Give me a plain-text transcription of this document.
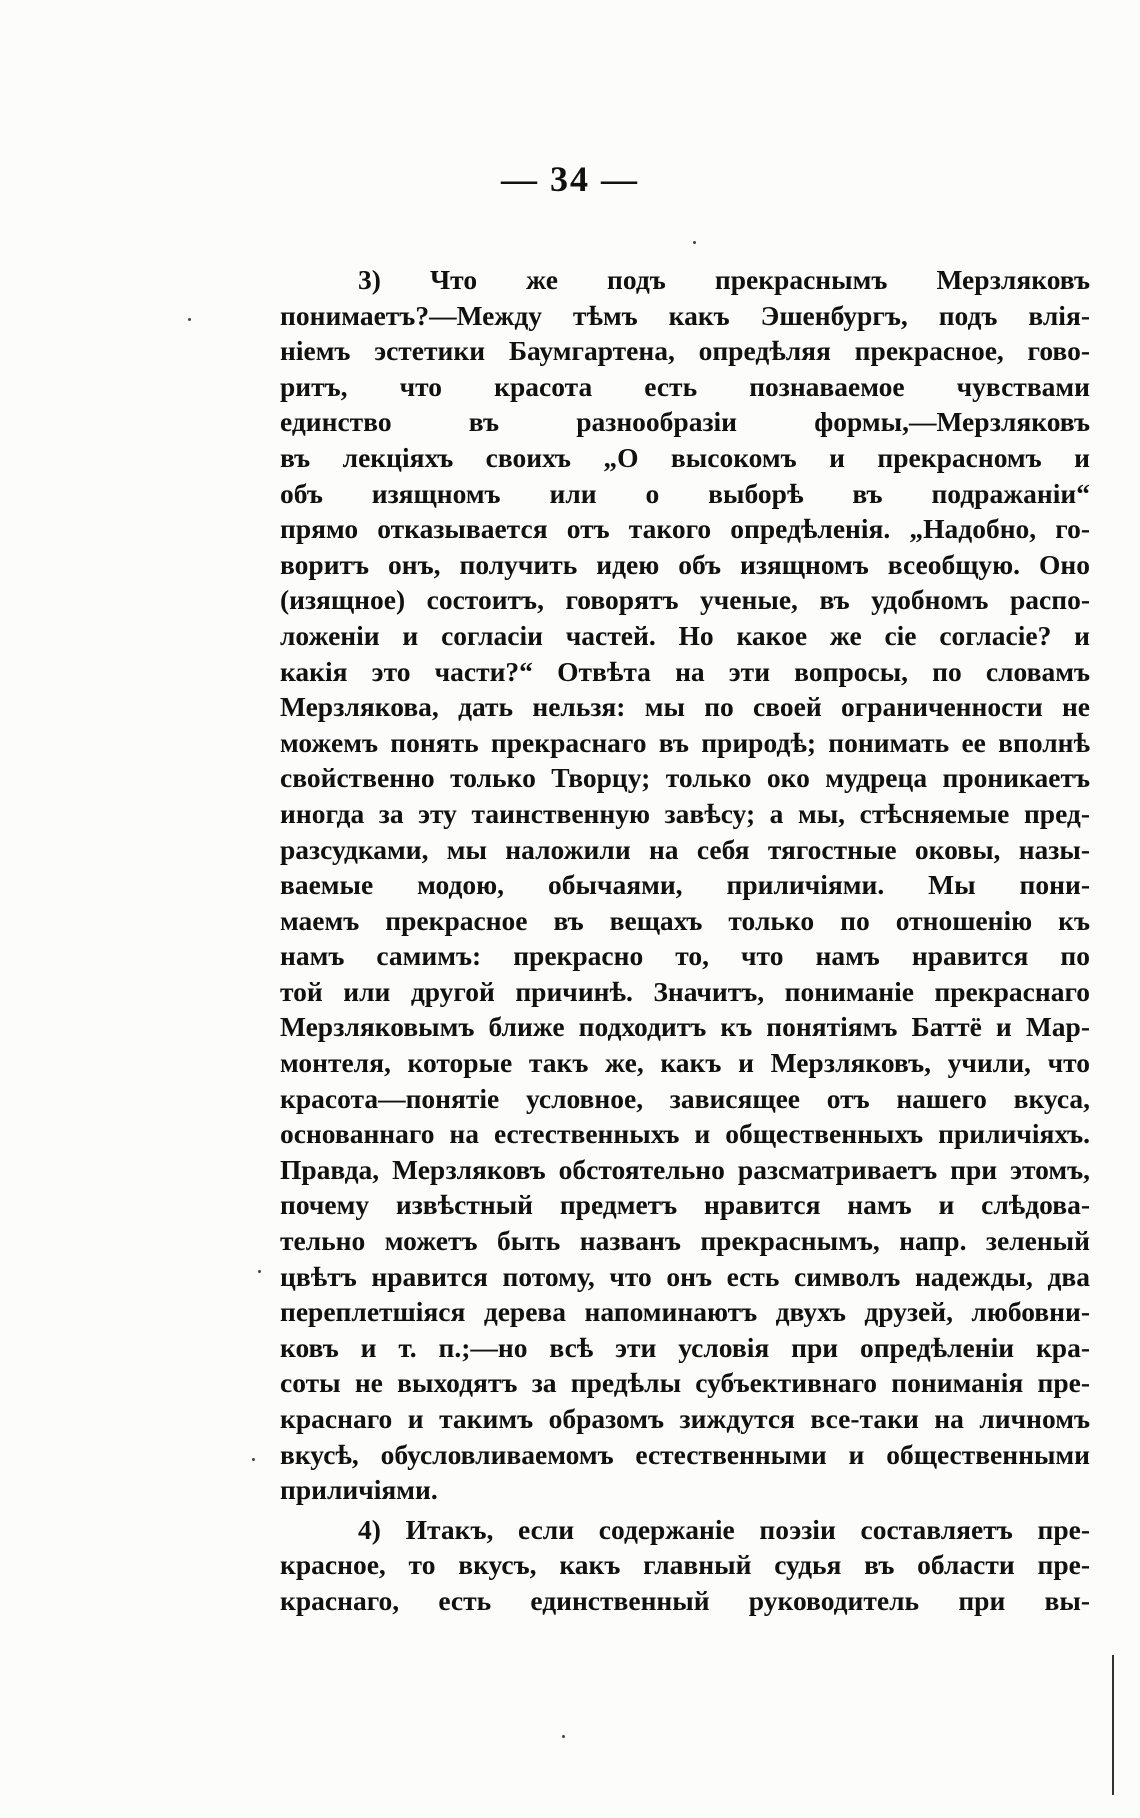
— 34 —
3) Что же подъ прекраснымъ Мерзляковъ
понимаетъ?—Между тѣмъ какъ Эшенбургъ, подъ влія-
ніемъ эстетики Баумгартена, опредѣляя прекрасное, гово-
ритъ, что красота есть познаваемое чувствами
единство въ разнообразіи формы,—Мерзляковъ
въ лекціяхъ своихъ „О высокомъ и прекрасномъ и
объ изящномъ или о выборѣ въ подражаніи“
прямо отказывается отъ такого опредѣленія. „Надобно, го-
воритъ онъ, получить идею объ изящномъ всеобщую. Оно
(изящное) состоитъ, говорятъ ученые, въ удобномъ распо-
ложеніи и согласіи частей. Но какое же сіе согласіе? и
какія это части?“ Отвѣта на эти вопросы, по словамъ
Мерзлякова, дать нельзя: мы по своей ограниченности не
можемъ понять прекраснаго въ природѣ; понимать ее вполнѣ
свойственно только Творцу; только око мудреца проникаетъ
иногда за эту таинственную завѣсу; а мы, стѣсняемые пред-
разсудками, мы наложили на себя тягостные оковы, назы-
ваемые модою, обычаями, приличіями. Мы пони-
маемъ прекрасное въ вещахъ только по отношенію къ
намъ самимъ: прекрасно то, что намъ нравится по
той или другой причинѣ. Значитъ, пониманіе прекраснаго
Мерзляковымъ ближе подходитъ къ понятіямъ Баттё и Мар-
монтеля, которые такъ же, какъ и Мерзляковъ, учили, что
красота—понятіе условное, зависящее отъ нашего вкуса,
основаннаго на естественныхъ и общественныхъ приличіяхъ.
Правда, Мерзляковъ обстоятельно разсматриваетъ при этомъ,
почему извѣстный предметъ нравится намъ и слѣдова-
тельно можетъ быть названъ прекраснымъ, напр. зеленый
цвѣтъ нравится потому, что онъ есть символъ надежды, два
переплетшіяся дерева напоминаютъ двухъ друзей, любовни-
ковъ и т. п.;—но всѣ эти условія при опредѣленіи кра-
соты не выходятъ за предѣлы субъективнаго пониманія пре-
краснаго и такимъ образомъ зиждутся все-таки на личномъ
вкусѣ, обусловливаемомъ естественными и общественными
приличіями.
4) Итакъ, если содержаніе поэзіи составляетъ пре-
красное, то вкусъ, какъ главный судья въ области пре-
краснаго, есть единственный руководитель при вы-
